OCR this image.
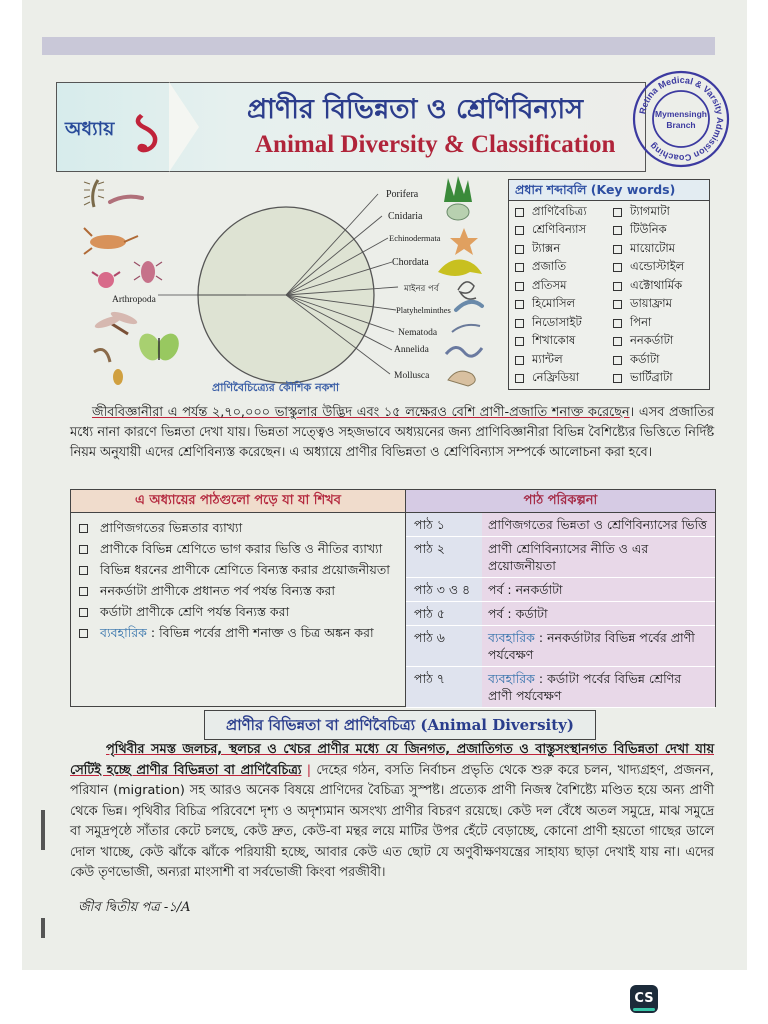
অধ্যায় ১	প্রাণীর বিভিন্নতা ও শ্রেণিবিন্যাস
Animal Diversity & Classification
Retina Medical & Varsity Admission Coaching
Mymensingh
Branch
Arthropoda
Porifera
Cnidaria
Echinodermata
Chordata
মাইনর পর্ব
Platyhelminthes
Nematoda
Annelida
Mollusca
প্রাণিবৈচিত্র্যের কৌশিক নকশা
প্রধান শব্দাবলি (Key words)
প্রাণিবৈচিত্র্য	ট্যাগমাটা
শ্রেণিবিন্যাস	টিউনিক
ট্যাক্সন	মায়োটোম
প্রজাতি	এন্ডোস্টাইল
প্রতিসম	এক্টোথার্মিক
হিমোসিল	ডায়াফ্রাম
নিডোসাইট	পিনা
শিখাকোষ	ননকর্ডাটা
ম্যান্টল	কর্ডাটা
নেফ্রিডিয়া	ভার্টিব্রাটা
জীববিজ্ঞানীরা এ পর্যন্ত ২,৭০,০০০ ভাস্কুলার উদ্ভিদ এবং ১৫ লক্ষেরও বেশি প্রাণী-প্রজাতি শনাক্ত করেছেন। এসব প্রজাতির মধ্যে নানা কারণে ভিন্নতা দেখা যায়। ভিন্নতা সত্ত্বেও সহজভাবে অধ্যয়নের জন্য প্রাণিবিজ্ঞানীরা বিভিন্ন বৈশিষ্ট্যের ভিত্তিতে নির্দিষ্ট নিয়ম অনুযায়ী এদের শ্রেণিবিন্যস্ত করেছেন। এ অধ্যায়ে প্রাণীর বিভিন্নতা ও শ্রেণিবিন্যাস সম্পর্কে আলোচনা করা হবে।
এ অধ্যায়ের পাঠগুলো পড়ে যা যা শিখব
প্রাণিজগতের ভিন্নতার ব্যাখ্যা
প্রাণীকে বিভিন্ন শ্রেণিতে ভাগ করার ভিত্তি ও নীতির ব্যাখ্যা
বিভিন্ন ধরনের প্রাণীকে শ্রেণিতে বিন্যস্ত করার প্রয়োজনীয়তা
ননকর্ডাটা প্রাণীকে প্রধানত পর্ব পর্যন্ত বিন্যস্ত করা
কর্ডাটা প্রাণীকে শ্রেণি পর্যন্ত বিন্যস্ত করা
ব্যবহারিক : বিভিন্ন পর্বের প্রাণী শনাক্ত ও চিত্র অঙ্কন করা
পাঠ পরিকল্পনা
পাঠ ১	প্রাণিজগতের ভিন্নতা ও শ্রেণিবিন্যাসের ভিত্তি
পাঠ ২	প্রাণী শ্রেণিবিন্যাসের নীতি ও এর প্রয়োজনীয়তা
পাঠ ৩ ও ৪	পর্ব : ননকর্ডাটা
পাঠ ৫	পর্ব : কর্ডাটা
পাঠ ৬	ব্যবহারিক : ননকর্ডাটার বিভিন্ন পর্বের প্রাণী পর্যবেক্ষণ
পাঠ ৭	ব্যবহারিক : কর্ডাটা পর্বের বিভিন্ন শ্রেণির প্রাণী পর্যবেক্ষণ
প্রাণীর বিভিন্নতা বা প্রাণিবৈচিত্র্য (Animal Diversity)
পৃথিবীর সমস্ত জলচর, স্থলচর ও খেচর প্রাণীর মধ্যে যে জিনগত, প্রজাতিগত ও বাস্তুসংস্থানগত বিভিন্নতা দেখা যায় সেটিই হচ্ছে প্রাণীর বিভিন্নতা বা প্রাণিবৈচিত্র্য | দেহের গঠন, বসতি নির্বাচন প্রভৃতি থেকে শুরু করে চলন, খাদ্যগ্রহণ, প্রজনন, পরিযান (migration) সহ আরও অনেক বিষয়ে প্রাণিদের বৈচিত্র্য সুস্পষ্ট। প্রত্যেক প্রাণী নিজস্ব বৈশিষ্ট্যে মণ্ডিত হয়ে অন্য প্রাণী থেকে ভিন্ন। পৃথিবীর বিচিত্র পরিবেশে দৃশ্য ও অদৃশ্যমান অসংখ্য প্রাণীর বিচরণ রয়েছে। কেউ দল বেঁধে অতল সমুদ্রে, মাঝ সমুদ্রে বা সমুদ্রপৃষ্ঠে সাঁতার কেটে চলছে, কেউ দ্রুত, কেউ-বা মন্থর লয়ে মাটির উপর হেঁটে বেড়াচ্ছে, কোনো প্রাণী হয়তো গাছের ডালে দোল খাচ্ছে, কেউ ঝাঁকে ঝাঁকে পরিযায়ী হচ্ছে, আবার কেউ এত ছোট যে অণুবীক্ষণযন্ত্রের সাহায্য ছাড়া দেখাই যায় না। এদের কেউ তৃণভোজী, অন্যরা মাংসাশী বা সর্বভোজী কিংবা পরজীবী।
জীব দ্বিতীয় পত্র -১/A
CS
